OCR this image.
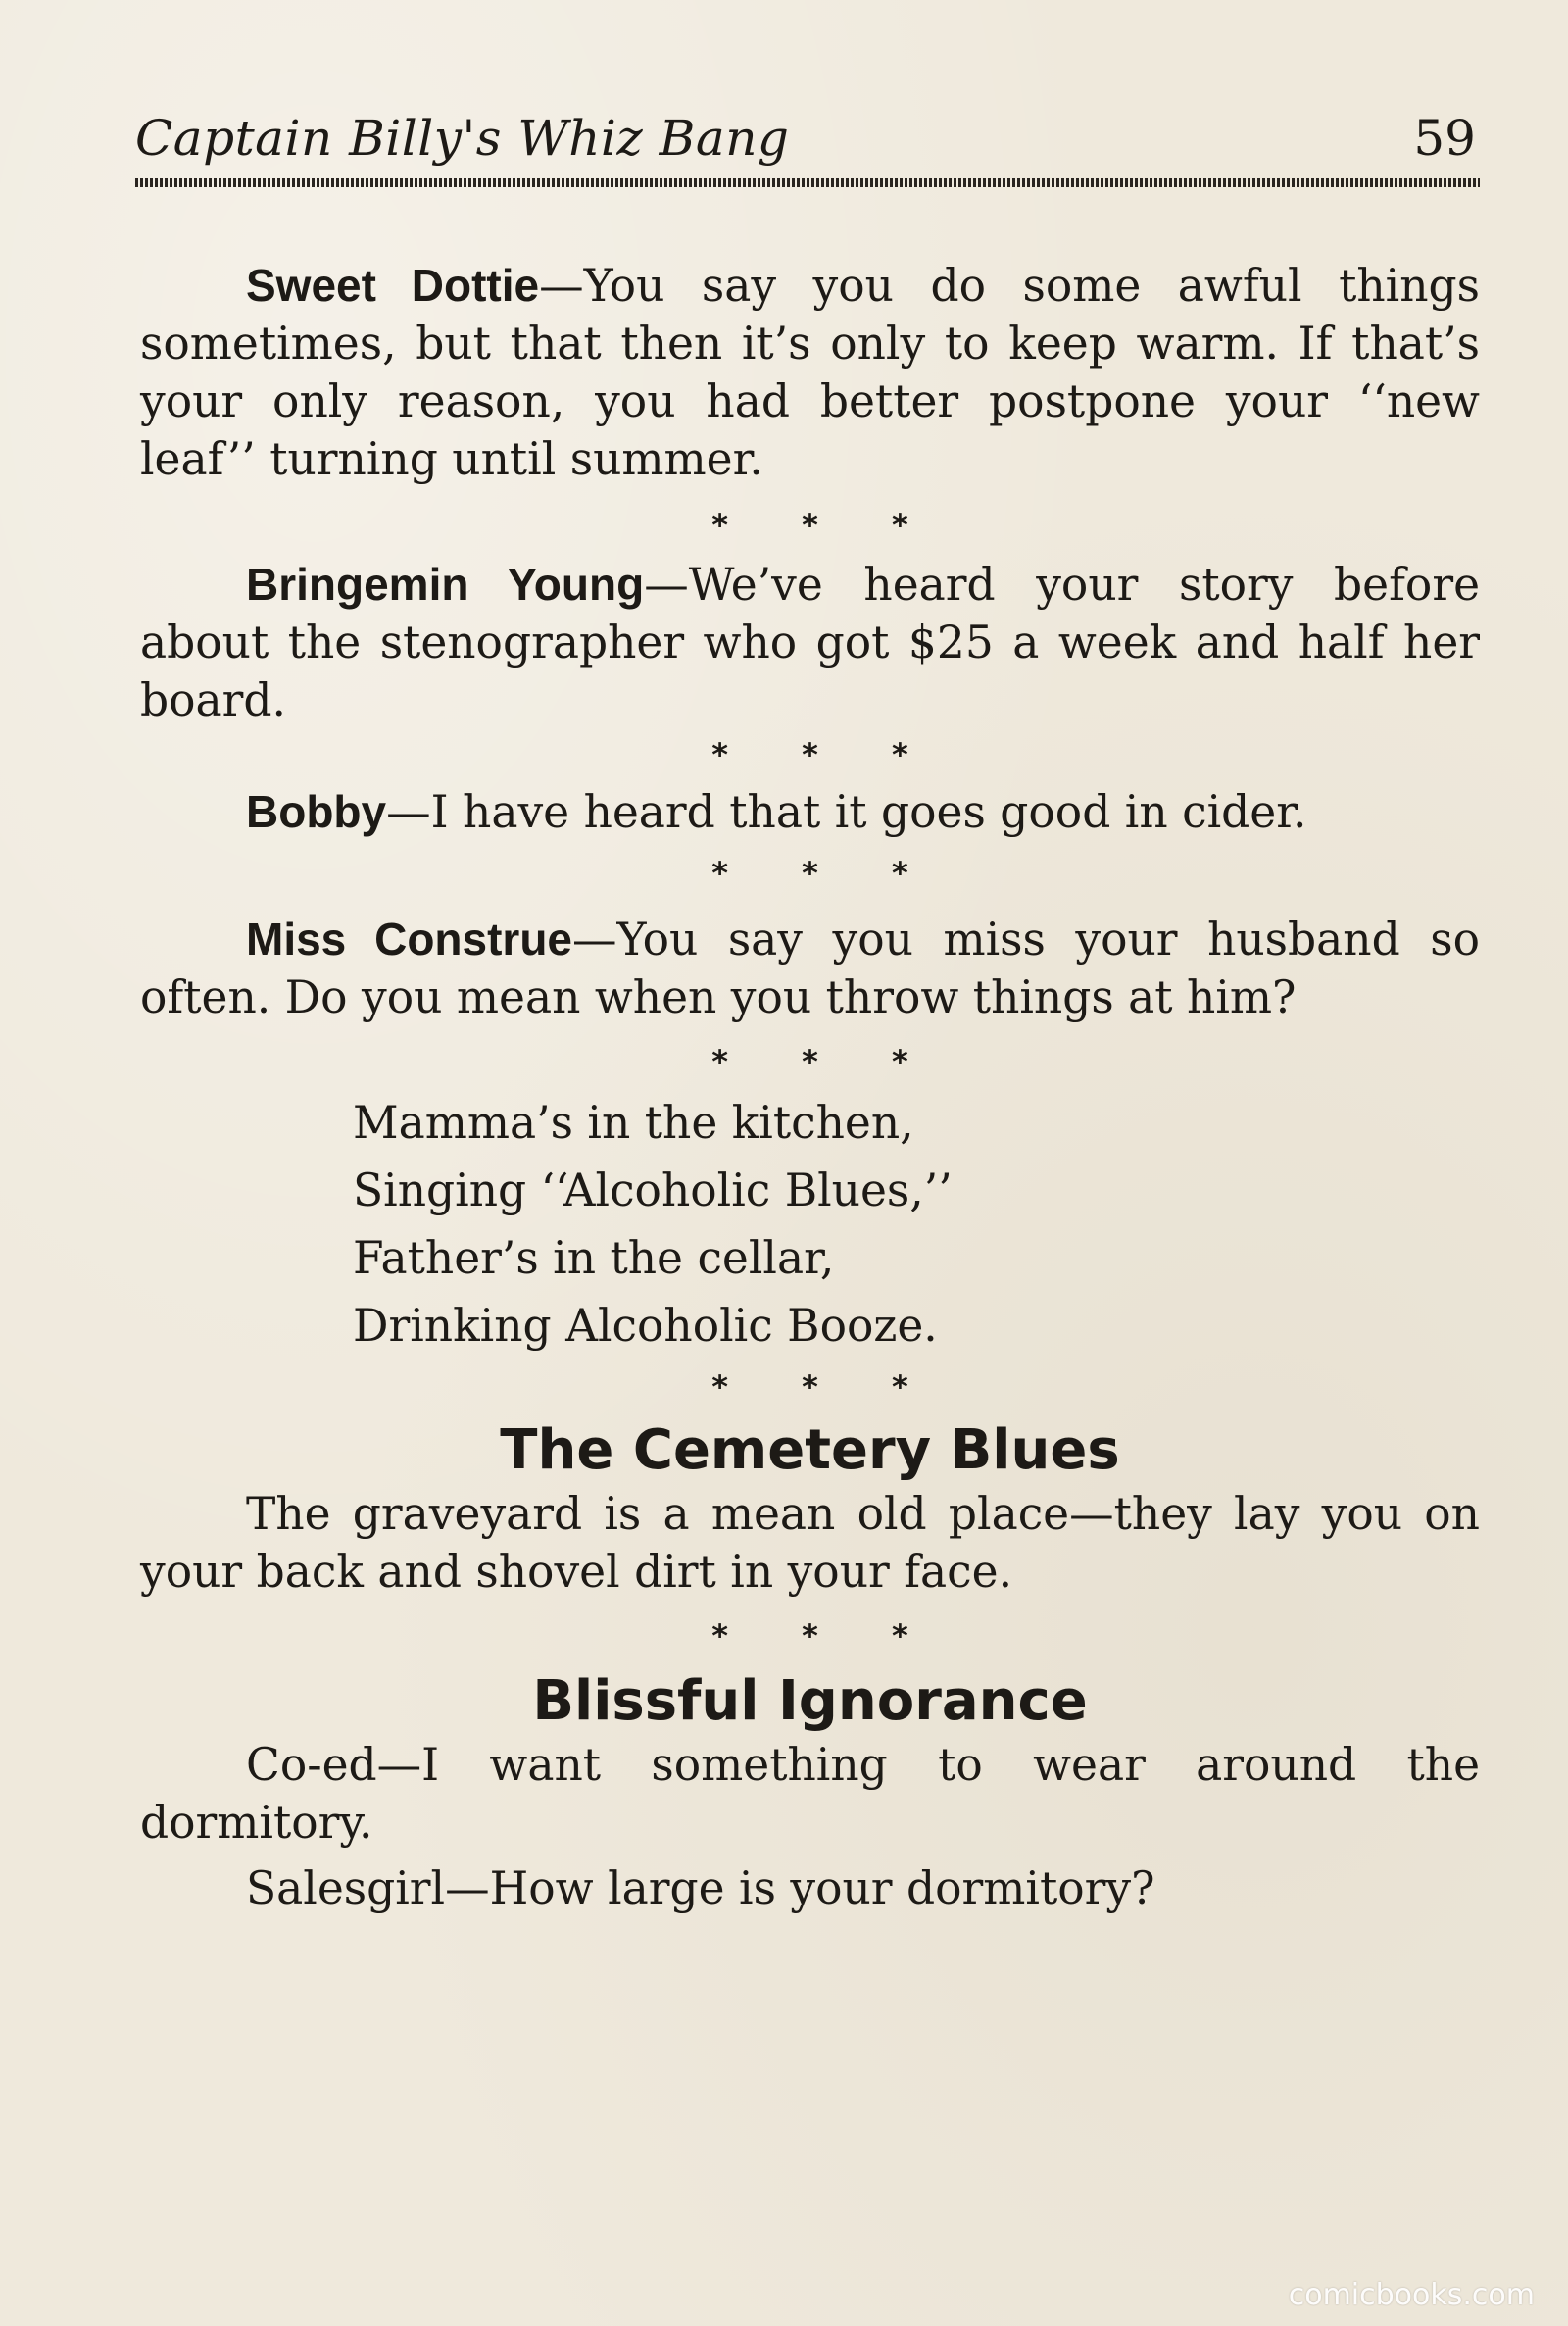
Captain Billy's Whiz Bang	59

Sweet Dottie—You say you do some awful things sometimes, but that then it’s only to keep warm. If that’s your only reason, you had better postpone your ‘‘new leaf’’ turning until summer.

* * *

Bringemin Young—We’ve heard your story before about the stenographer who got $25 a week and half her board.

* * *

Bobby—I have heard that it goes good in cider.

* * *

Miss Construe—You say you miss your husband so often. Do you mean when you throw things at him?

* * *
Mamma’s in the kitchen,
Singing ‘‘Alcoholic Blues,’’
Father’s in the cellar,
Drinking Alcoholic Booze.
* * *
The Cemetery Blues

The graveyard is a mean old place—they lay you on your back and shovel dirt in your face.

* * *
Blissful Ignorance

Co-ed—I want something to wear around the dormitory.

Salesgirl—How large is your dormitory?

comicbooks.com
